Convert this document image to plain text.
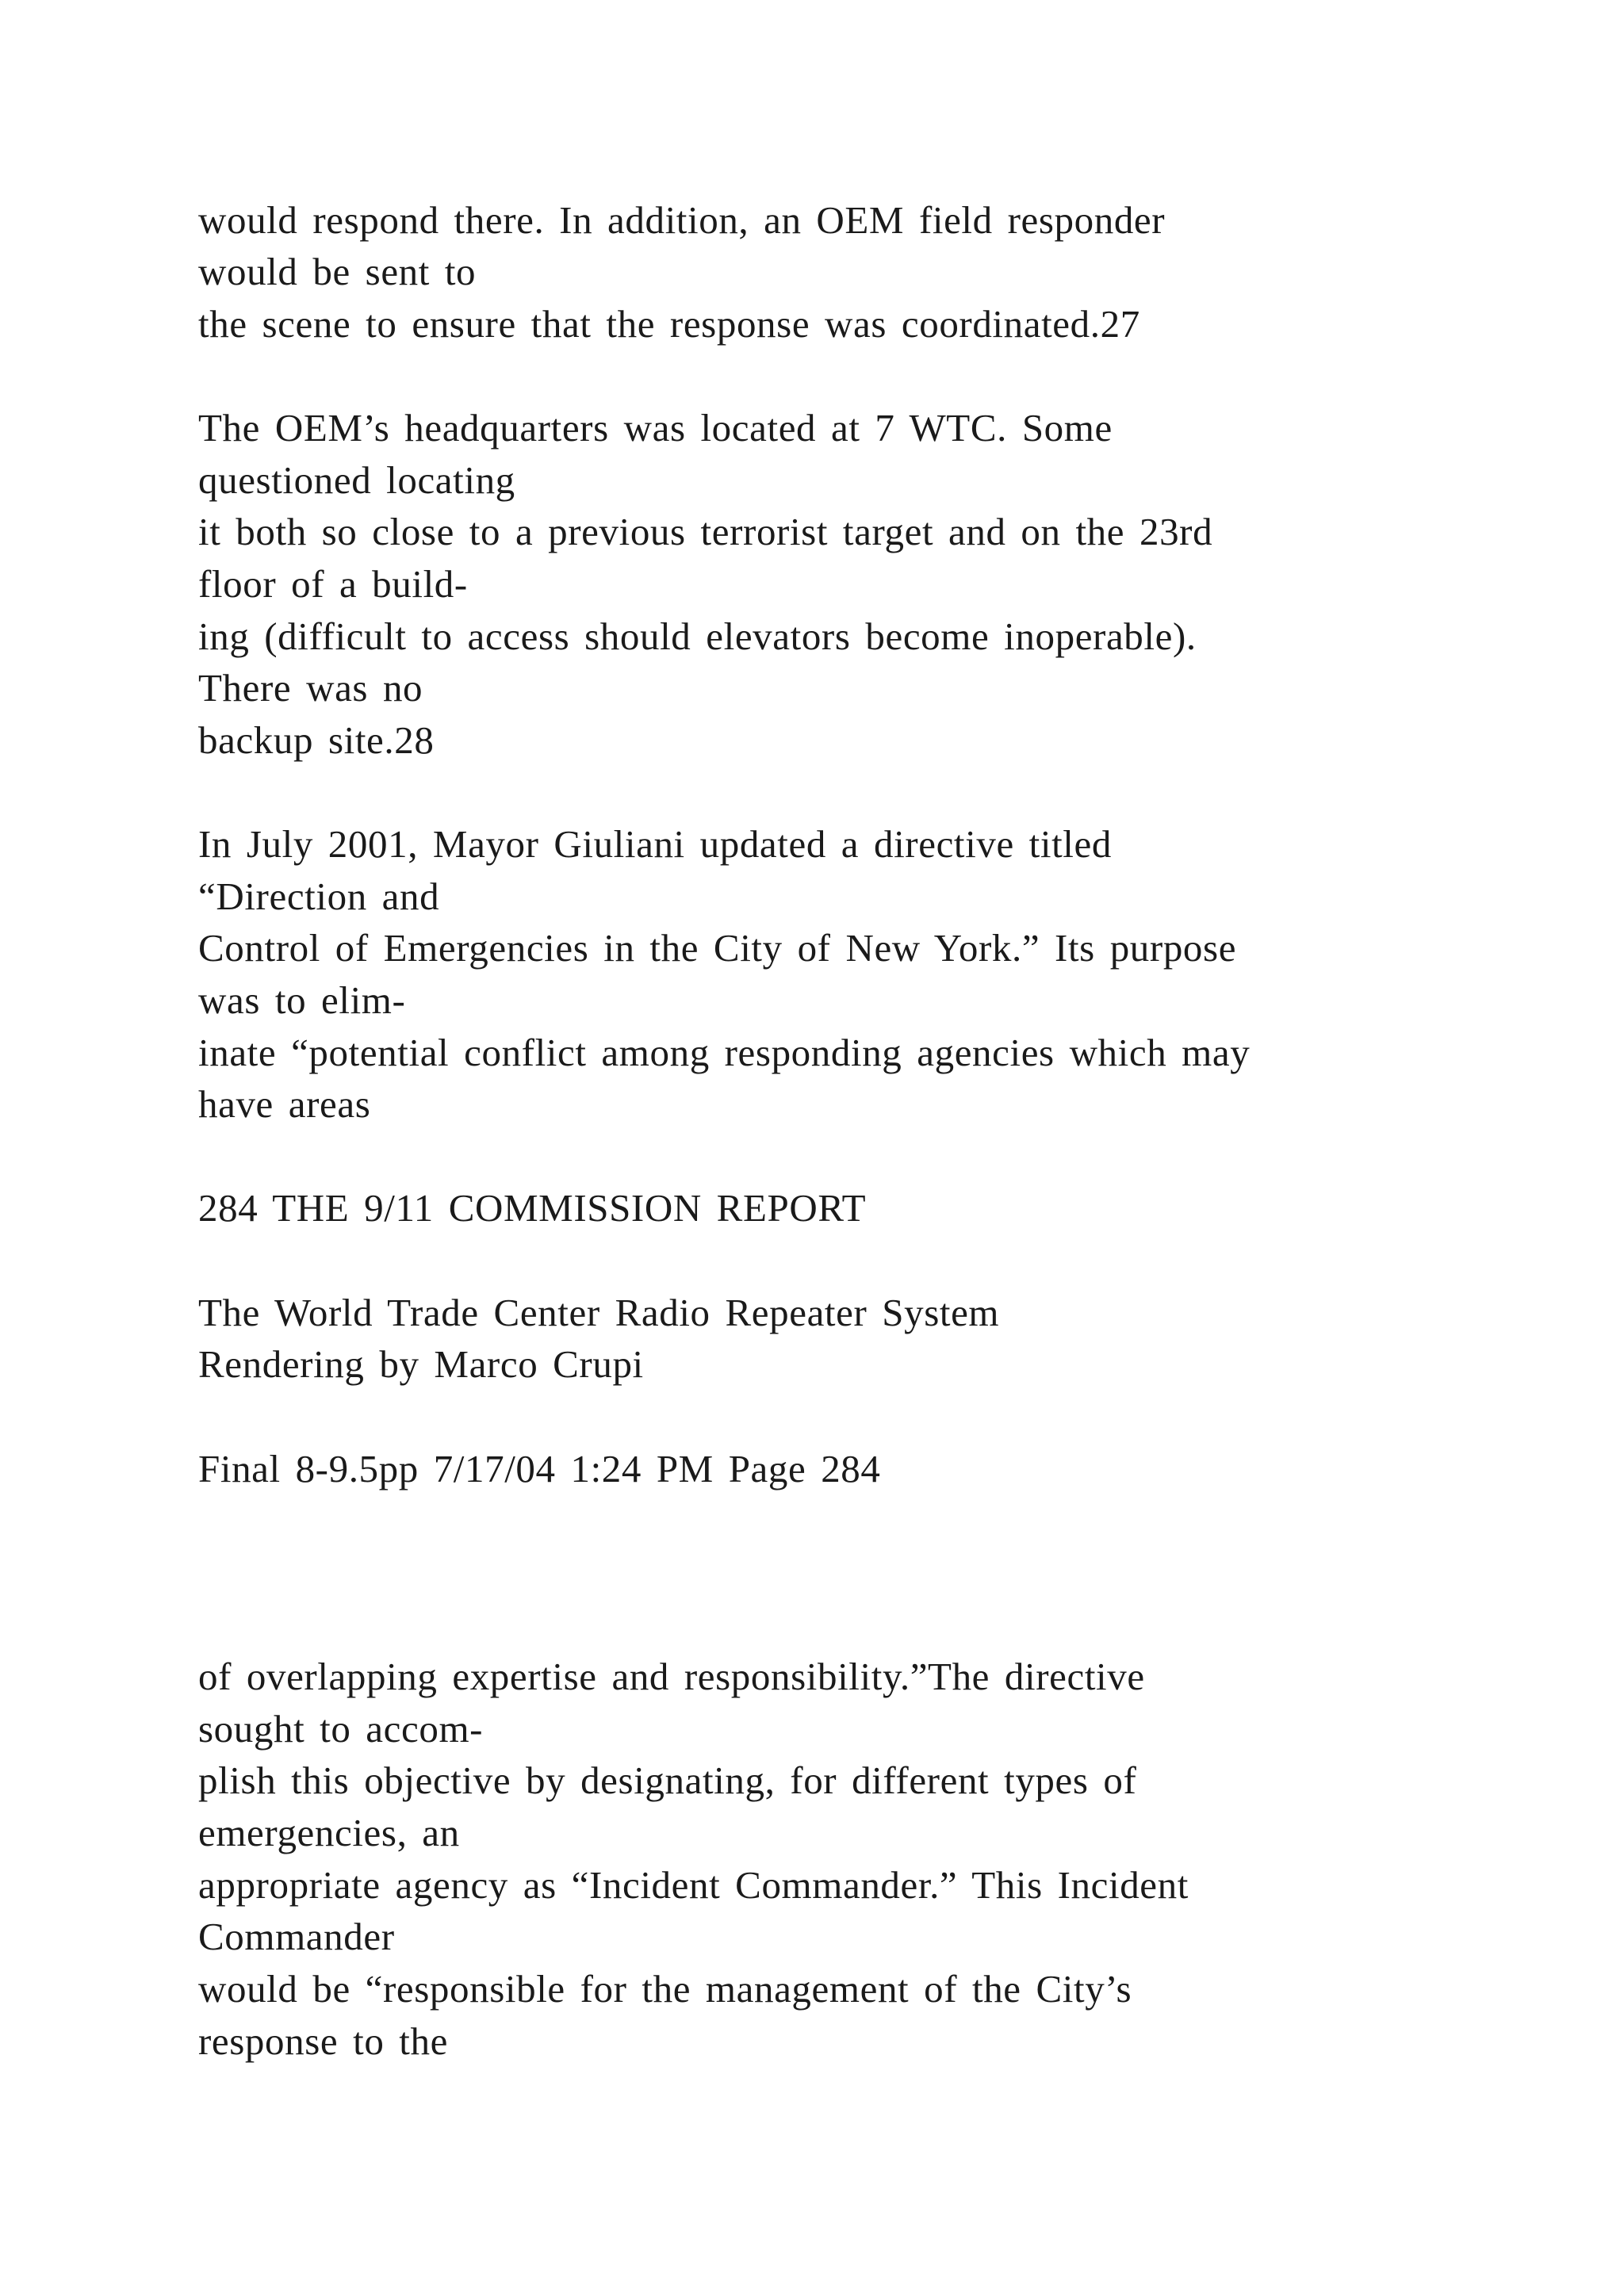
would respond there. In addition, an OEM field responder

would be sent to

the scene to ensure that the response was coordinated.27

The OEM’s headquarters was located at 7 WTC. Some

questioned locating

it both so close to a previous terrorist target and on the 23rd

floor of a build-

ing (difficult to access should elevators become inoperable).

There was no

backup site.28

In July 2001, Mayor Giuliani updated a directive titled

“Direction and

Control of Emergencies in the City of New York.” Its purpose

was to elim-

inate “potential conflict among responding agencies which may

have areas

284 THE 9/11 COMMISSION REPORT

The World Trade Center Radio Repeater System

Rendering by Marco Crupi

Final 8-9.5pp 7/17/04 1:24 PM Page 284

of overlapping expertise and responsibility.”The directive

sought to accom-

plish this objective by designating, for different types of

emergencies, an

appropriate agency as “Incident Commander.” This Incident

Commander

would be “responsible for the management of the City’s

response to the
